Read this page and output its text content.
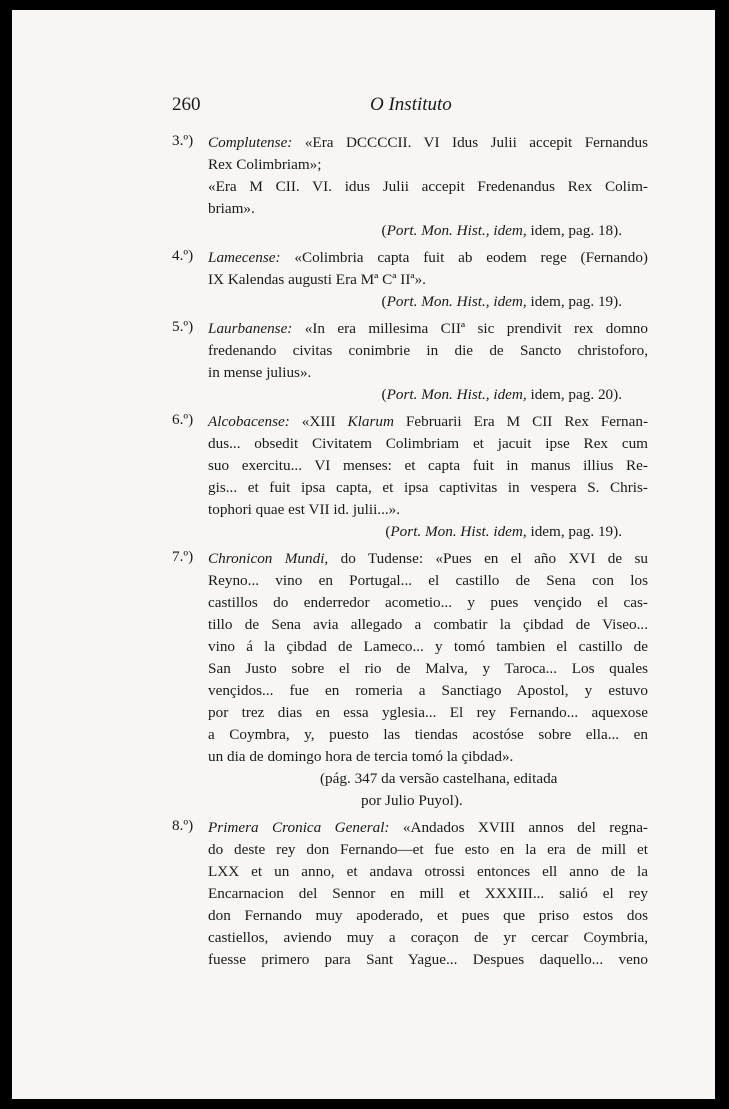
260	O Instituto
3.º) Complutense: «Era DCCCCII. VI Idus Julii accepit Fernandus
Rex Colimbriam»;
«Era M CII. VI. idus Julii accepit Fredenandus Rex Colim-
briam».
(Port. Mon. Hist., idem, idem, pag. 18).
4.º) Lamecense: «Colimbria capta fuit ab eodem rege (Fernando)
IX Kalendas augusti Era Mª Cª IIª».
(Port. Mon. Hist., idem, idem, pag. 19).
5.º) Laurbanense: «In era millesima CIIª sic prendivit rex domno
fredenando civitas conimbrie in die de Sancto christoforo,
in mense julius».
(Port. Mon. Hist., idem, idem, pag. 20).
6.º) Alcobacense: «XIII Klarum Februarii Era M CII Rex Fernan-
dus... obsedit Civitatem Colimbriam et jacuit ipse Rex cum
suo exercitu... VI menses: et capta fuit in manus illius Re-
gis... et fuit ipsa capta, et ipsa captivitas in vespera S. Chris-
tophori quae est VII id. julii...».
(Port. Mon. Hist. idem, idem, pag. 19).
7.º) Chronicon Mundi, do Tudense: «Pues en el año XVI de su
Reyno... vino en Portugal... el castillo de Sena con los
castillos do enderredor acometio... y pues vençido el cas-
tillo de Sena avia allegado a combatir la çibdad de Viseo...
vino á la çibdad de Lameco... y tomó tambien el castillo de
San Justo sobre el rio de Malva, y Taroca... Los quales
vençidos... fue en romeria a Sanctiago Apostol, y estuvo
por trez dias en essa yglesia... El rey Fernando... aquexose
a Coymbra, y, puesto las tiendas acostóse sobre ella... en
un dia de domingo hora de tercia tomó la çibdad».
(pág. 347 da versão castelhana, editada
por Julio Puyol).
8.º) Primera Cronica General: «Andados XVIII annos del regna-
do deste rey don Fernando—et fue esto en la era de mill et
LXX et un anno, et andava otrossi entonces ell anno de la
Encarnacion del Sennor en mill et XXXIII... salió el rey
don Fernando muy apoderado, et pues que priso estos dos
castiellos, aviendo muy a coraçon de yr cercar Coymbria,
fuesse primero para Sant Yague... Despues daquello... veno
